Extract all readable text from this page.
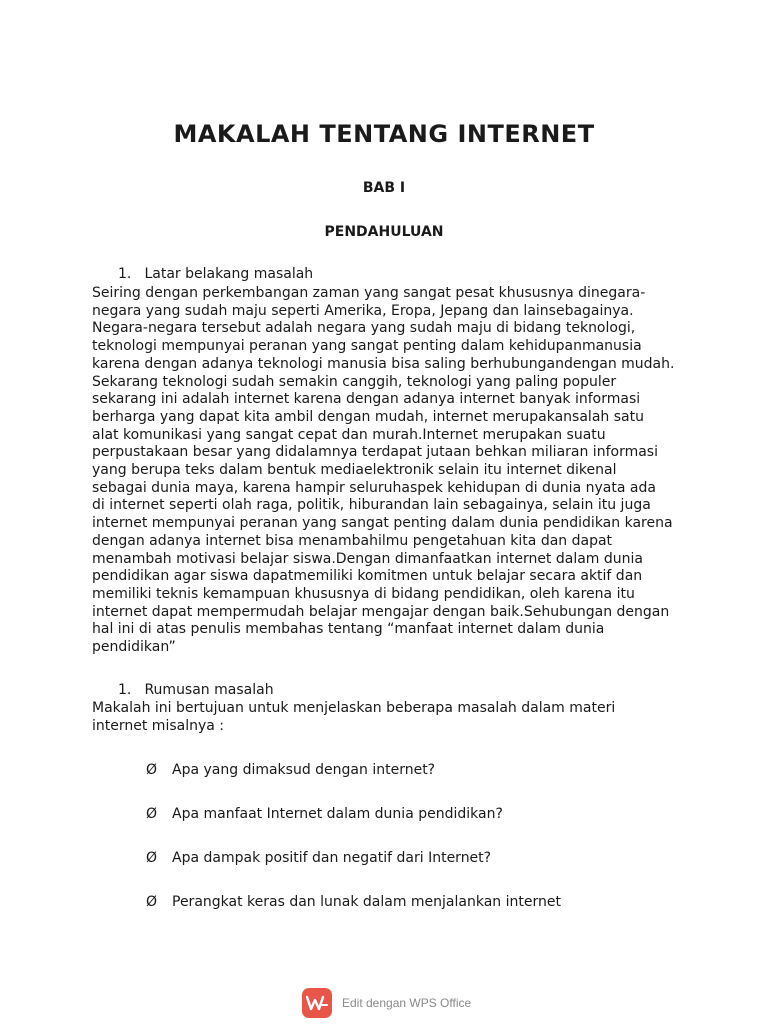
MAKALAH TENTANG INTERNET
BAB I
PENDAHULUAN
1. Latar belakang masalah
Seiring dengan perkembangan zaman yang sangat pesat khususnya dinegara-
negara yang sudah maju seperti Amerika, Eropa, Jepang dan lainsebagainya.
Negara-negara tersebut adalah negara yang sudah maju di bidang teknologi,
teknologi mempunyai peranan yang sangat penting dalam kehidupanmanusia
karena dengan adanya teknologi manusia bisa saling berhubungandengan mudah.
Sekarang teknologi sudah semakin canggih, teknologi yang paling populer
sekarang ini adalah internet karena dengan adanya internet banyak informasi
berharga yang dapat kita ambil dengan mudah, internet merupakansalah satu
alat komunikasi yang sangat cepat dan murah.Internet merupakan suatu
perpustakaan besar yang didalamnya terdapat jutaan behkan miliaran informasi
yang berupa teks dalam bentuk mediaelektronik selain itu internet dikenal
sebagai dunia maya, karena hampir seluruhaspek kehidupan di dunia nyata ada
di internet seperti olah raga, politik, hiburandan lain sebagainya, selain itu juga
internet mempunyai peranan yang sangat penting dalam dunia pendidikan karena
dengan adanya internet bisa menambahilmu pengetahuan kita dan dapat
menambah motivasi belajar siswa.Dengan dimanfaatkan internet dalam dunia
pendidikan agar siswa dapatmemiliki komitmen untuk belajar secara aktif dan
memiliki teknis kemampuan khususnya di bidang pendidikan, oleh karena itu
internet dapat mempermudah belajar mengajar dengan baik.Sehubungan dengan
hal ini di atas penulis membahas tentang “manfaat internet dalam dunia
pendidikan”
1. Rumusan masalah
Makalah ini bertujuan untuk menjelaskan beberapa masalah dalam materi
internet misalnya :
Ø Apa yang dimaksud dengan internet?
Ø Apa manfaat Internet dalam dunia pendidikan?
Ø Apa dampak positif dan negatif dari Internet?
Ø Perangkat keras dan lunak dalam menjalankan internet
Edit dengan WPS Office
